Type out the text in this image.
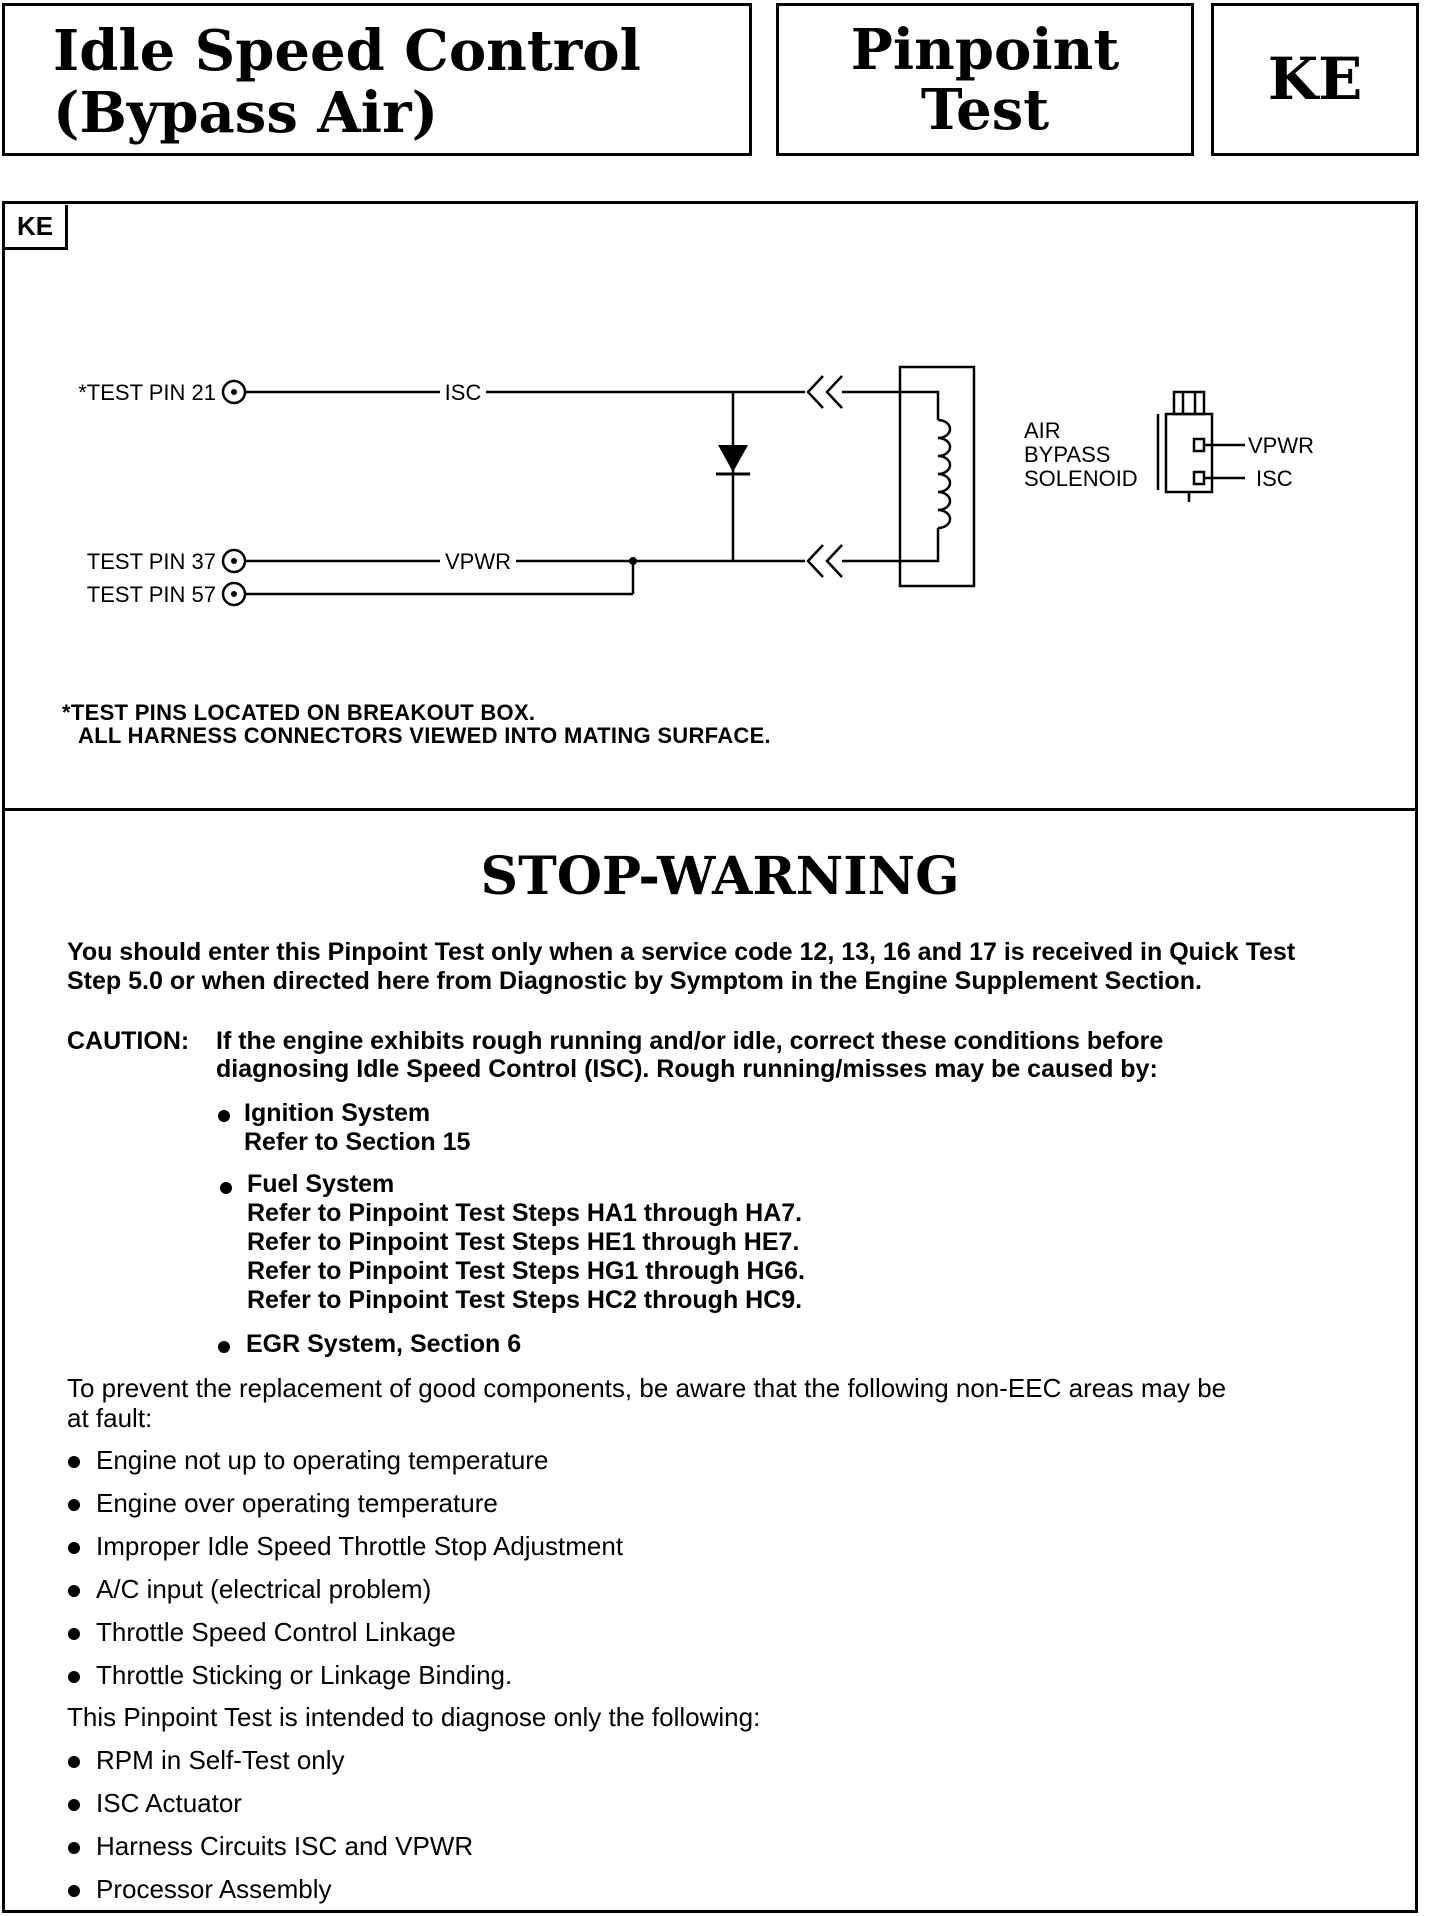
Idle Speed Control
(Bypass Air)
Pinpoint
Test	KE
KE
*TEST PIN 21
TEST PIN 37
TEST PIN 57
ISC
VPWR
AIR
BYPASS
SOLENOID
VPWR
ISC
*TEST PINS LOCATED ON BREAKOUT BOX.
ALL HARNESS CONNECTORS VIEWED INTO MATING SURFACE.
STOP-WARNING
You should enter this Pinpoint Test only when a service code 12, 13, 16 and 17 is received in Quick Test
Step 5.0 or when directed here from Diagnostic by Symptom in the Engine Supplement Section.
CAUTION: If the engine exhibits rough running and/or idle, correct these conditions before
diagnosing Idle Speed Control (ISC). Rough running/misses may be caused by:
Ignition System
Refer to Section 15
Fuel System
Refer to Pinpoint Test Steps HA1 through HA7.
Refer to Pinpoint Test Steps HE1 through HE7.
Refer to Pinpoint Test Steps HG1 through HG6.
Refer to Pinpoint Test Steps HC2 through HC9.
EGR System, Section 6
To prevent the replacement of good components, be aware that the following non-EEC areas may be
at fault:
Engine not up to operating temperature
Engine over operating temperature
Improper Idle Speed Throttle Stop Adjustment
A/C input (electrical problem)
Throttle Speed Control Linkage
Throttle Sticking or Linkage Binding.
This Pinpoint Test is intended to diagnose only the following:
RPM in Self-Test only
ISC Actuator
Harness Circuits ISC and VPWR
Processor Assembly
